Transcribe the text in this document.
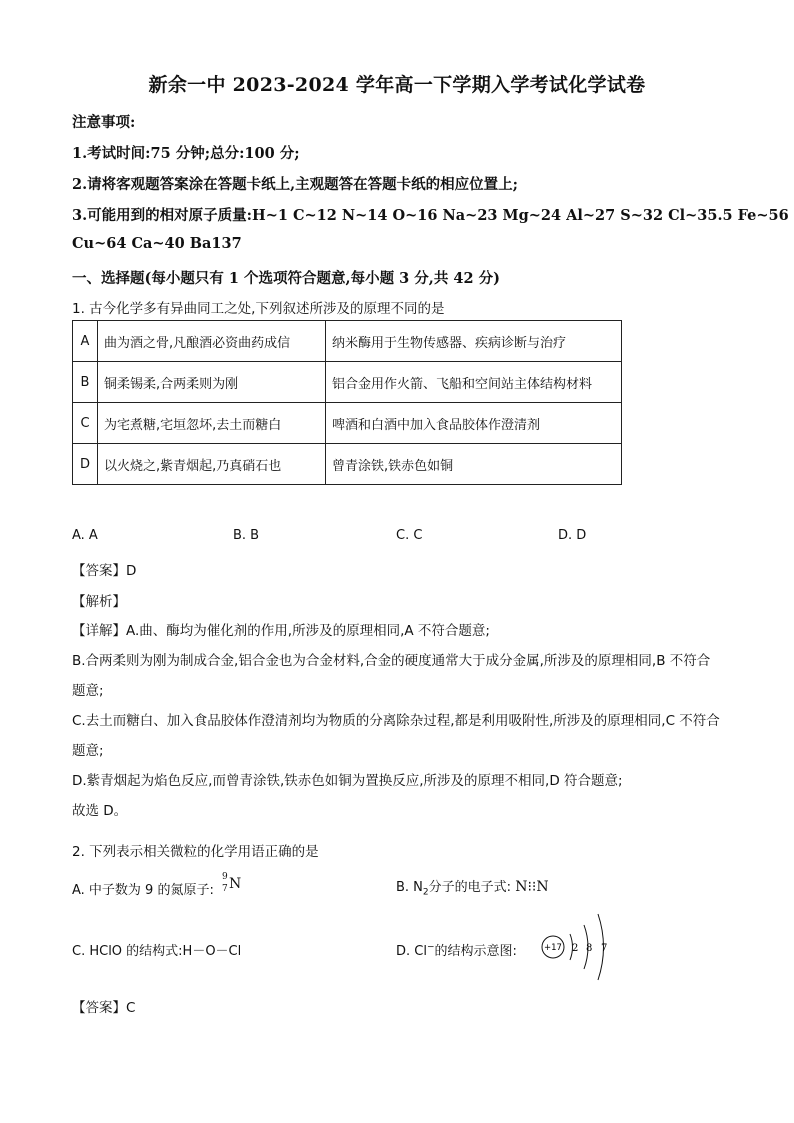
新余一中 2023-2024 学年高一下学期入学考试化学试卷
注意事项:
1.考试时间:75 分钟;总分:100 分;
2.请将客观题答案涂在答题卡纸上,主观题答在答题卡纸的相应位置上;
3.可能用到的相对原子质量:H~1 C~12 N~14 O~16 Na~23 Mg~24 Al~27 S~32 Cl~35.5 Fe~56
Cu~64 Ca~40 Ba137
一、选择题(每小题只有 1 个选项符合题意,每小题 3 分,共 42 分)
1. 古今化学多有异曲同工之处,下列叙述所涉及的原理不同的是
A	曲为酒之骨,凡酿酒必资曲药成信	纳米酶用于生物传感器、疾病诊断与治疗
B	铜柔锡柔,合两柔则为刚	铝合金用作火箭、飞船和空间站主体结构材料
C	为宅煮糖,宅垣忽坏,去土而糖白	啤酒和白酒中加入食品胶体作澄清剂
D	以火烧之,紫青烟起,乃真硝石也	曾青涂铁,铁赤色如铜
A. A	B. B	C. C	D. D
【答案】D
【解析】
【详解】A.曲、酶均为催化剂的作用,所涉及的原理相同,A 不符合题意;
B.合两柔则为刚为制成合金,铝合金也为合金材料,合金的硬度通常大于成分金属,所涉及的原理相同,B 不符合题意;
C.去土而糖白、加入食品胶体作澄清剂均为物质的分离除杂过程,都是利用吸附性,所涉及的原理相同,C 不符合题意;
D.紫青烟起为焰色反应,而曾青涂铁,铁赤色如铜为置换反应,所涉及的原理不相同,D 符合题意;
故选 D。
2. 下列表示相关微粒的化学用语正确的是
A. 中子数为 9 的氮原子:
9
7 N	B. $N_2$分子的电子式: N⁝⁝N
C. HClO 的结构式:H－O－Cl	D. Cl−的结构示意图:	+17 2 8 7
【答案】C
